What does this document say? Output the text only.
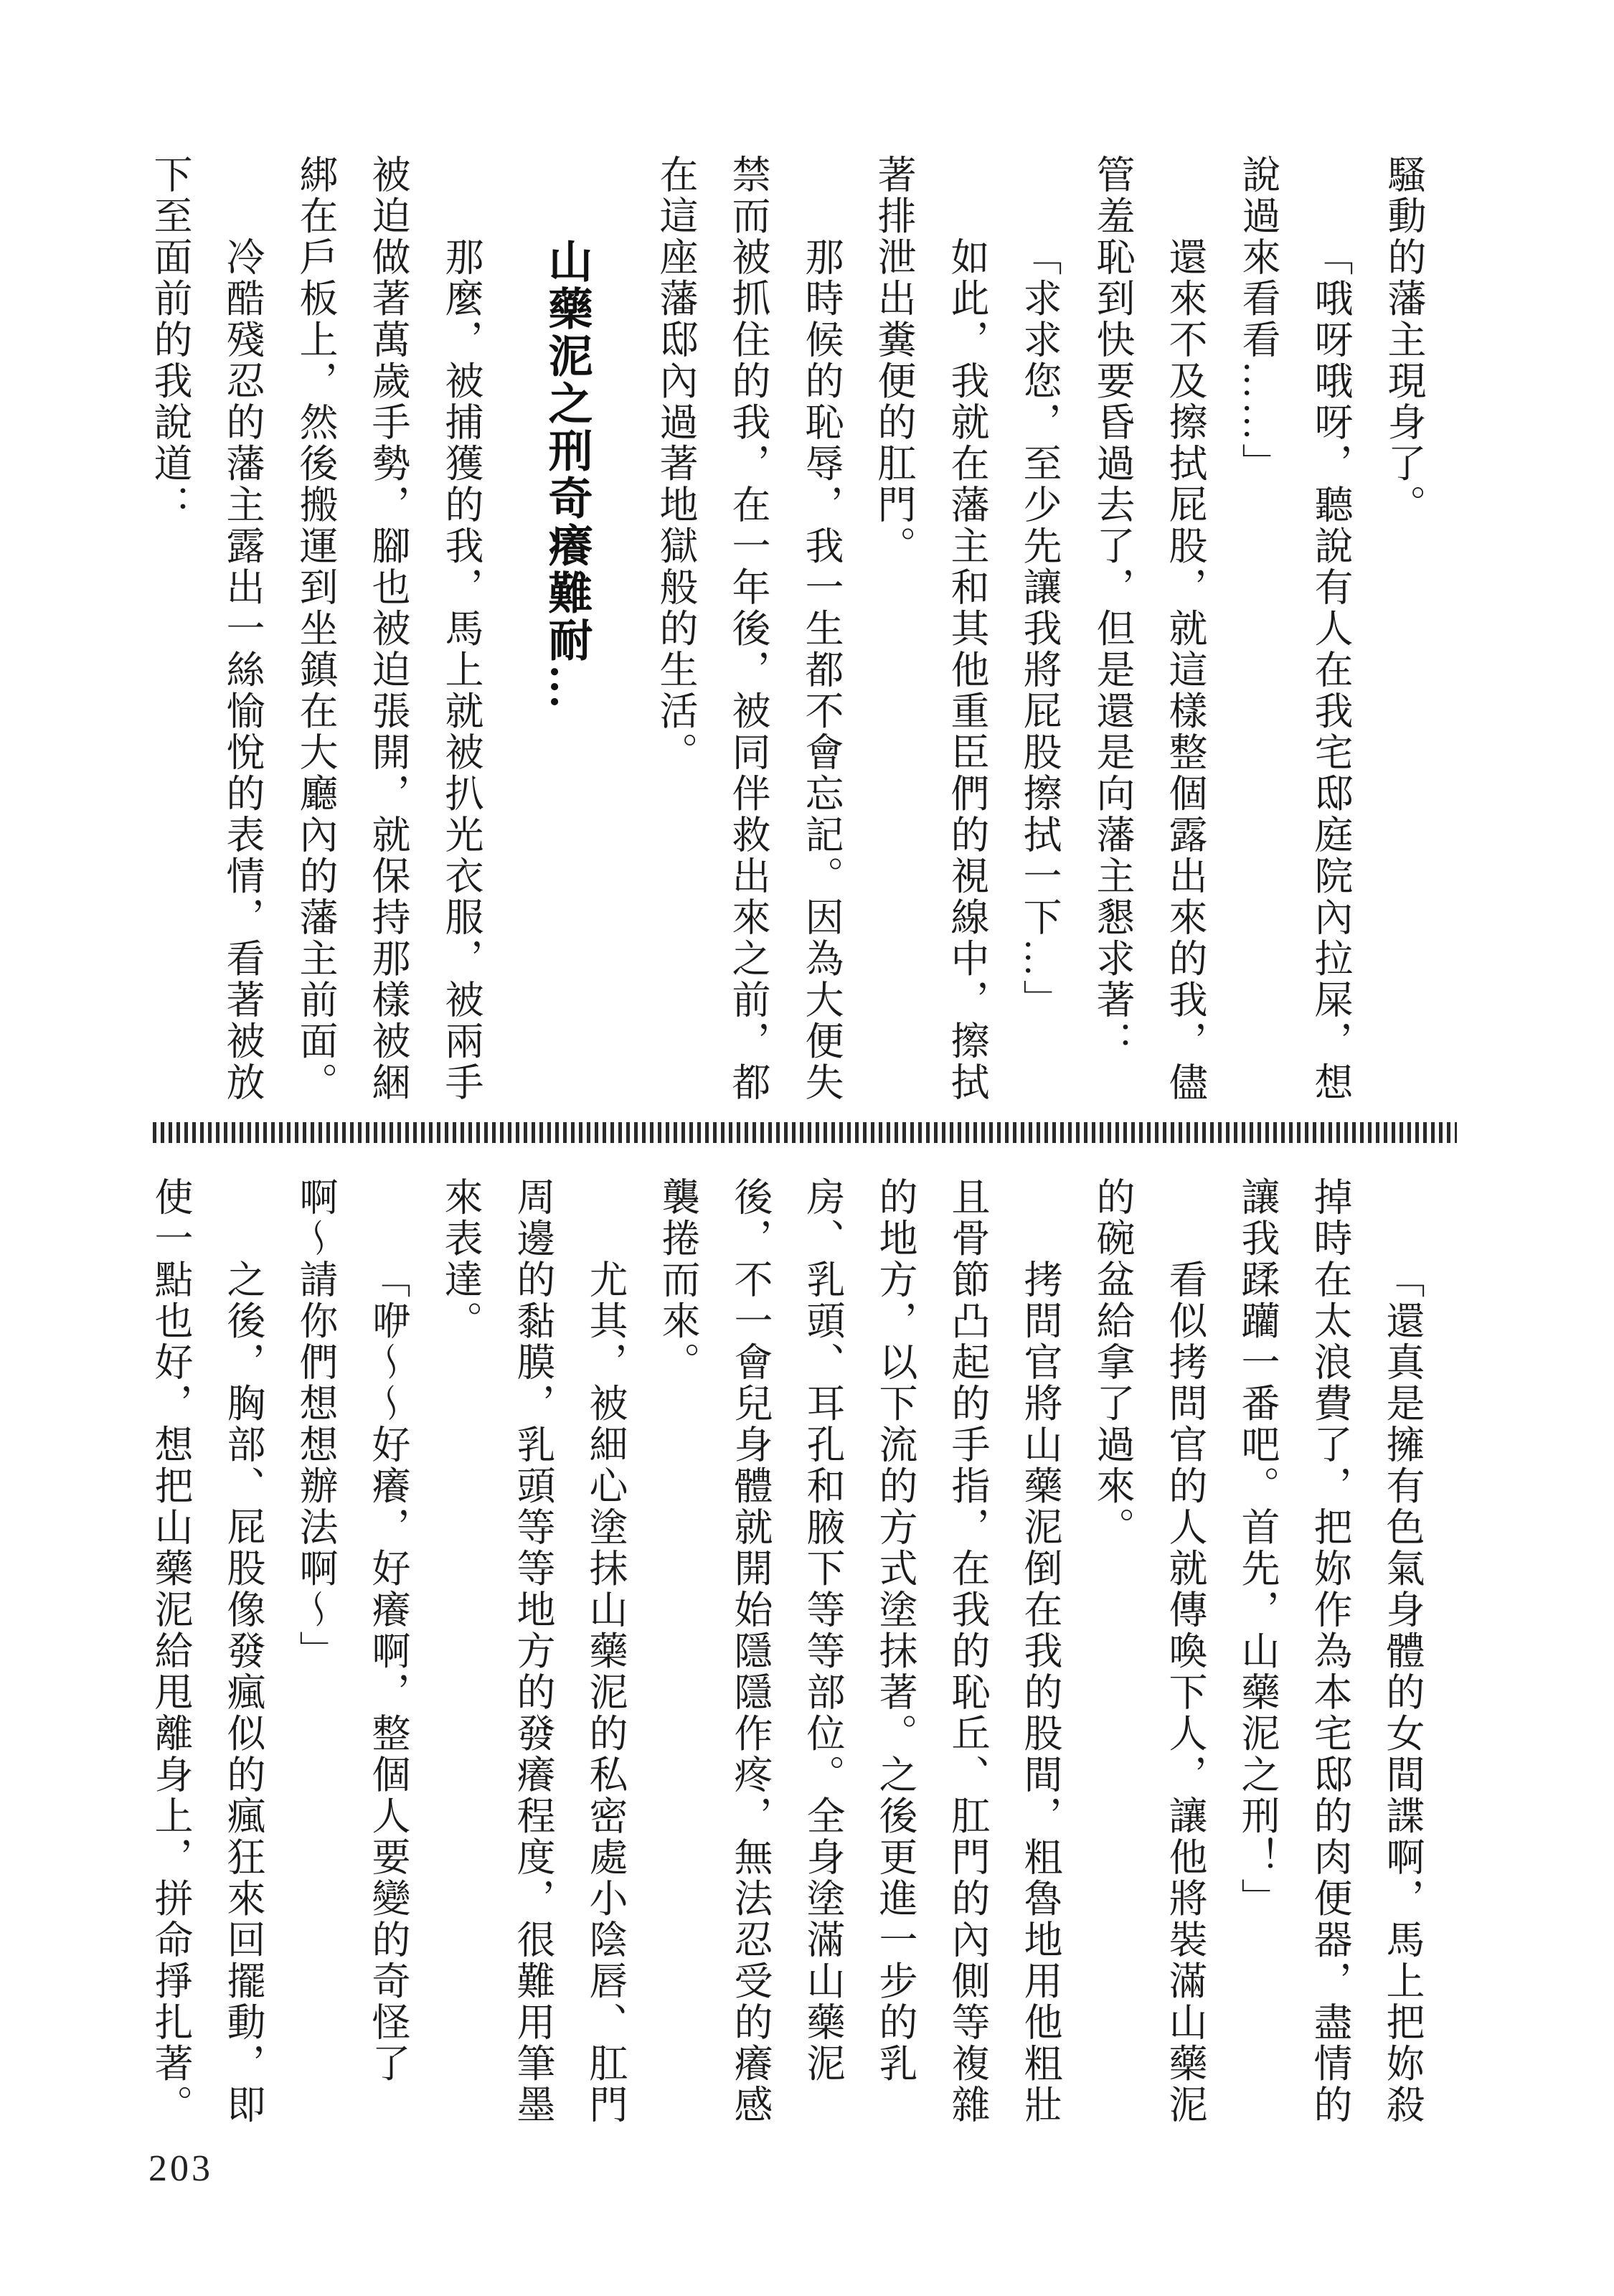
騷動的藩主現身了。
「哦呀哦呀，聽說有人在我宅邸庭院內拉屎，想
說過來看看……」
還來不及擦拭屁股，就這樣整個露出來的我，儘
管羞恥到快要昏過去了，但是還是向藩主懇求著：
「求求您，至少先讓我將屁股擦拭一下…」
如此，我就在藩主和其他重臣們的視線中，擦拭
著排泄出糞便的肛門。
那時候的恥辱，我一生都不會忘記。因為大便失
禁而被抓住的我，在一年後，被同伴救出來之前，都
在這座藩邸內過著地獄般的生活。
山藥泥之刑奇癢難耐…
那麼，被捕獲的我，馬上就被扒光衣服，被兩手
被迫做著萬歲手勢，腳也被迫張開，就保持那樣被綑
綁在戶板上，然後搬運到坐鎮在大廳內的藩主前面。
冷酷殘忍的藩主露出一絲愉悅的表情，看著被放
下至面前的我說道：
「還真是擁有色氣身體的女間諜啊，馬上把妳殺
掉時在太浪費了，把妳作為本宅邸的肉便器，盡情的
讓我蹂躪一番吧。首先，山藥泥之刑！」
看似拷問官的人就傳喚下人，讓他將裝滿山藥泥
的碗盆給拿了過來。
拷問官將山藥泥倒在我的股間，粗魯地用他粗壯
且骨節凸起的手指，在我的恥丘、肛門的內側等複雜
的地方，以下流的方式塗抹著。之後更進一步的乳
房、乳頭、耳孔和腋下等等部位。全身塗滿山藥泥
後，不一會兒身體就開始隱隱作疼，無法忍受的癢感
襲捲而來。
尤其，被細心塗抹山藥泥的私密處小陰唇、肛門
周邊的黏膜，乳頭等等地方的發癢程度，很難用筆墨
來表達。
「咿～～好癢，好癢啊，整個人要變的奇怪了
啊～請你們想想辦法啊～」
之後，胸部、屁股像發瘋似的瘋狂來回擺動，即
使一點也好，想把山藥泥給甩離身上，拼命掙扎著。
203
